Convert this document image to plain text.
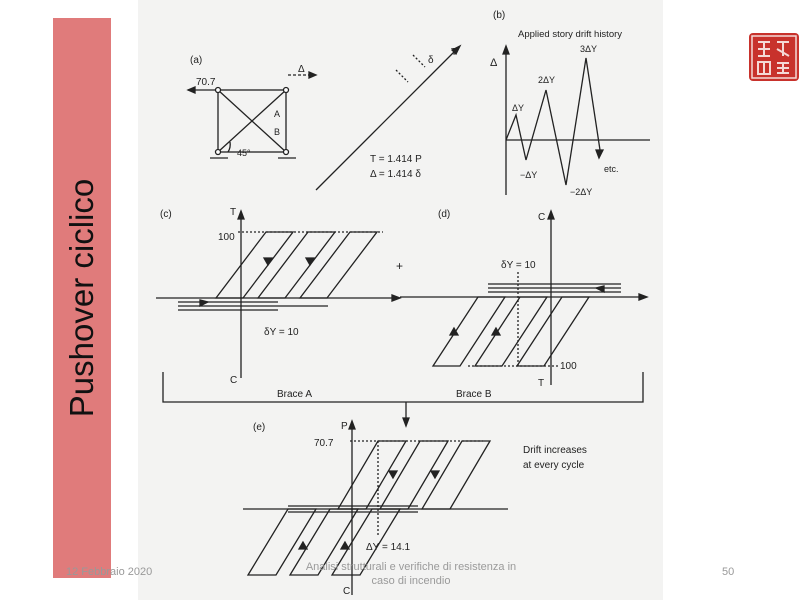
Pushover ciclico
(a)
70.7
Δ
A
B
45°
δ
T
T = 1.414 P
Δ = 1.414 δ
(b)
Applied story drift history
Δ
ΔY
2ΔY
3ΔY
−ΔY
−2ΔY
etc.
(c)	T
100
δY = 10
C
+
(d)	C
δY = 10
100
T
Brace A	Brace B
(e)	P
70.7
ΔY = 14.1
C
Drift increases
at every cycle
12 Febbraio 2020	Analisi strutturali e verifiche di resistenza in
caso di incendio
50
